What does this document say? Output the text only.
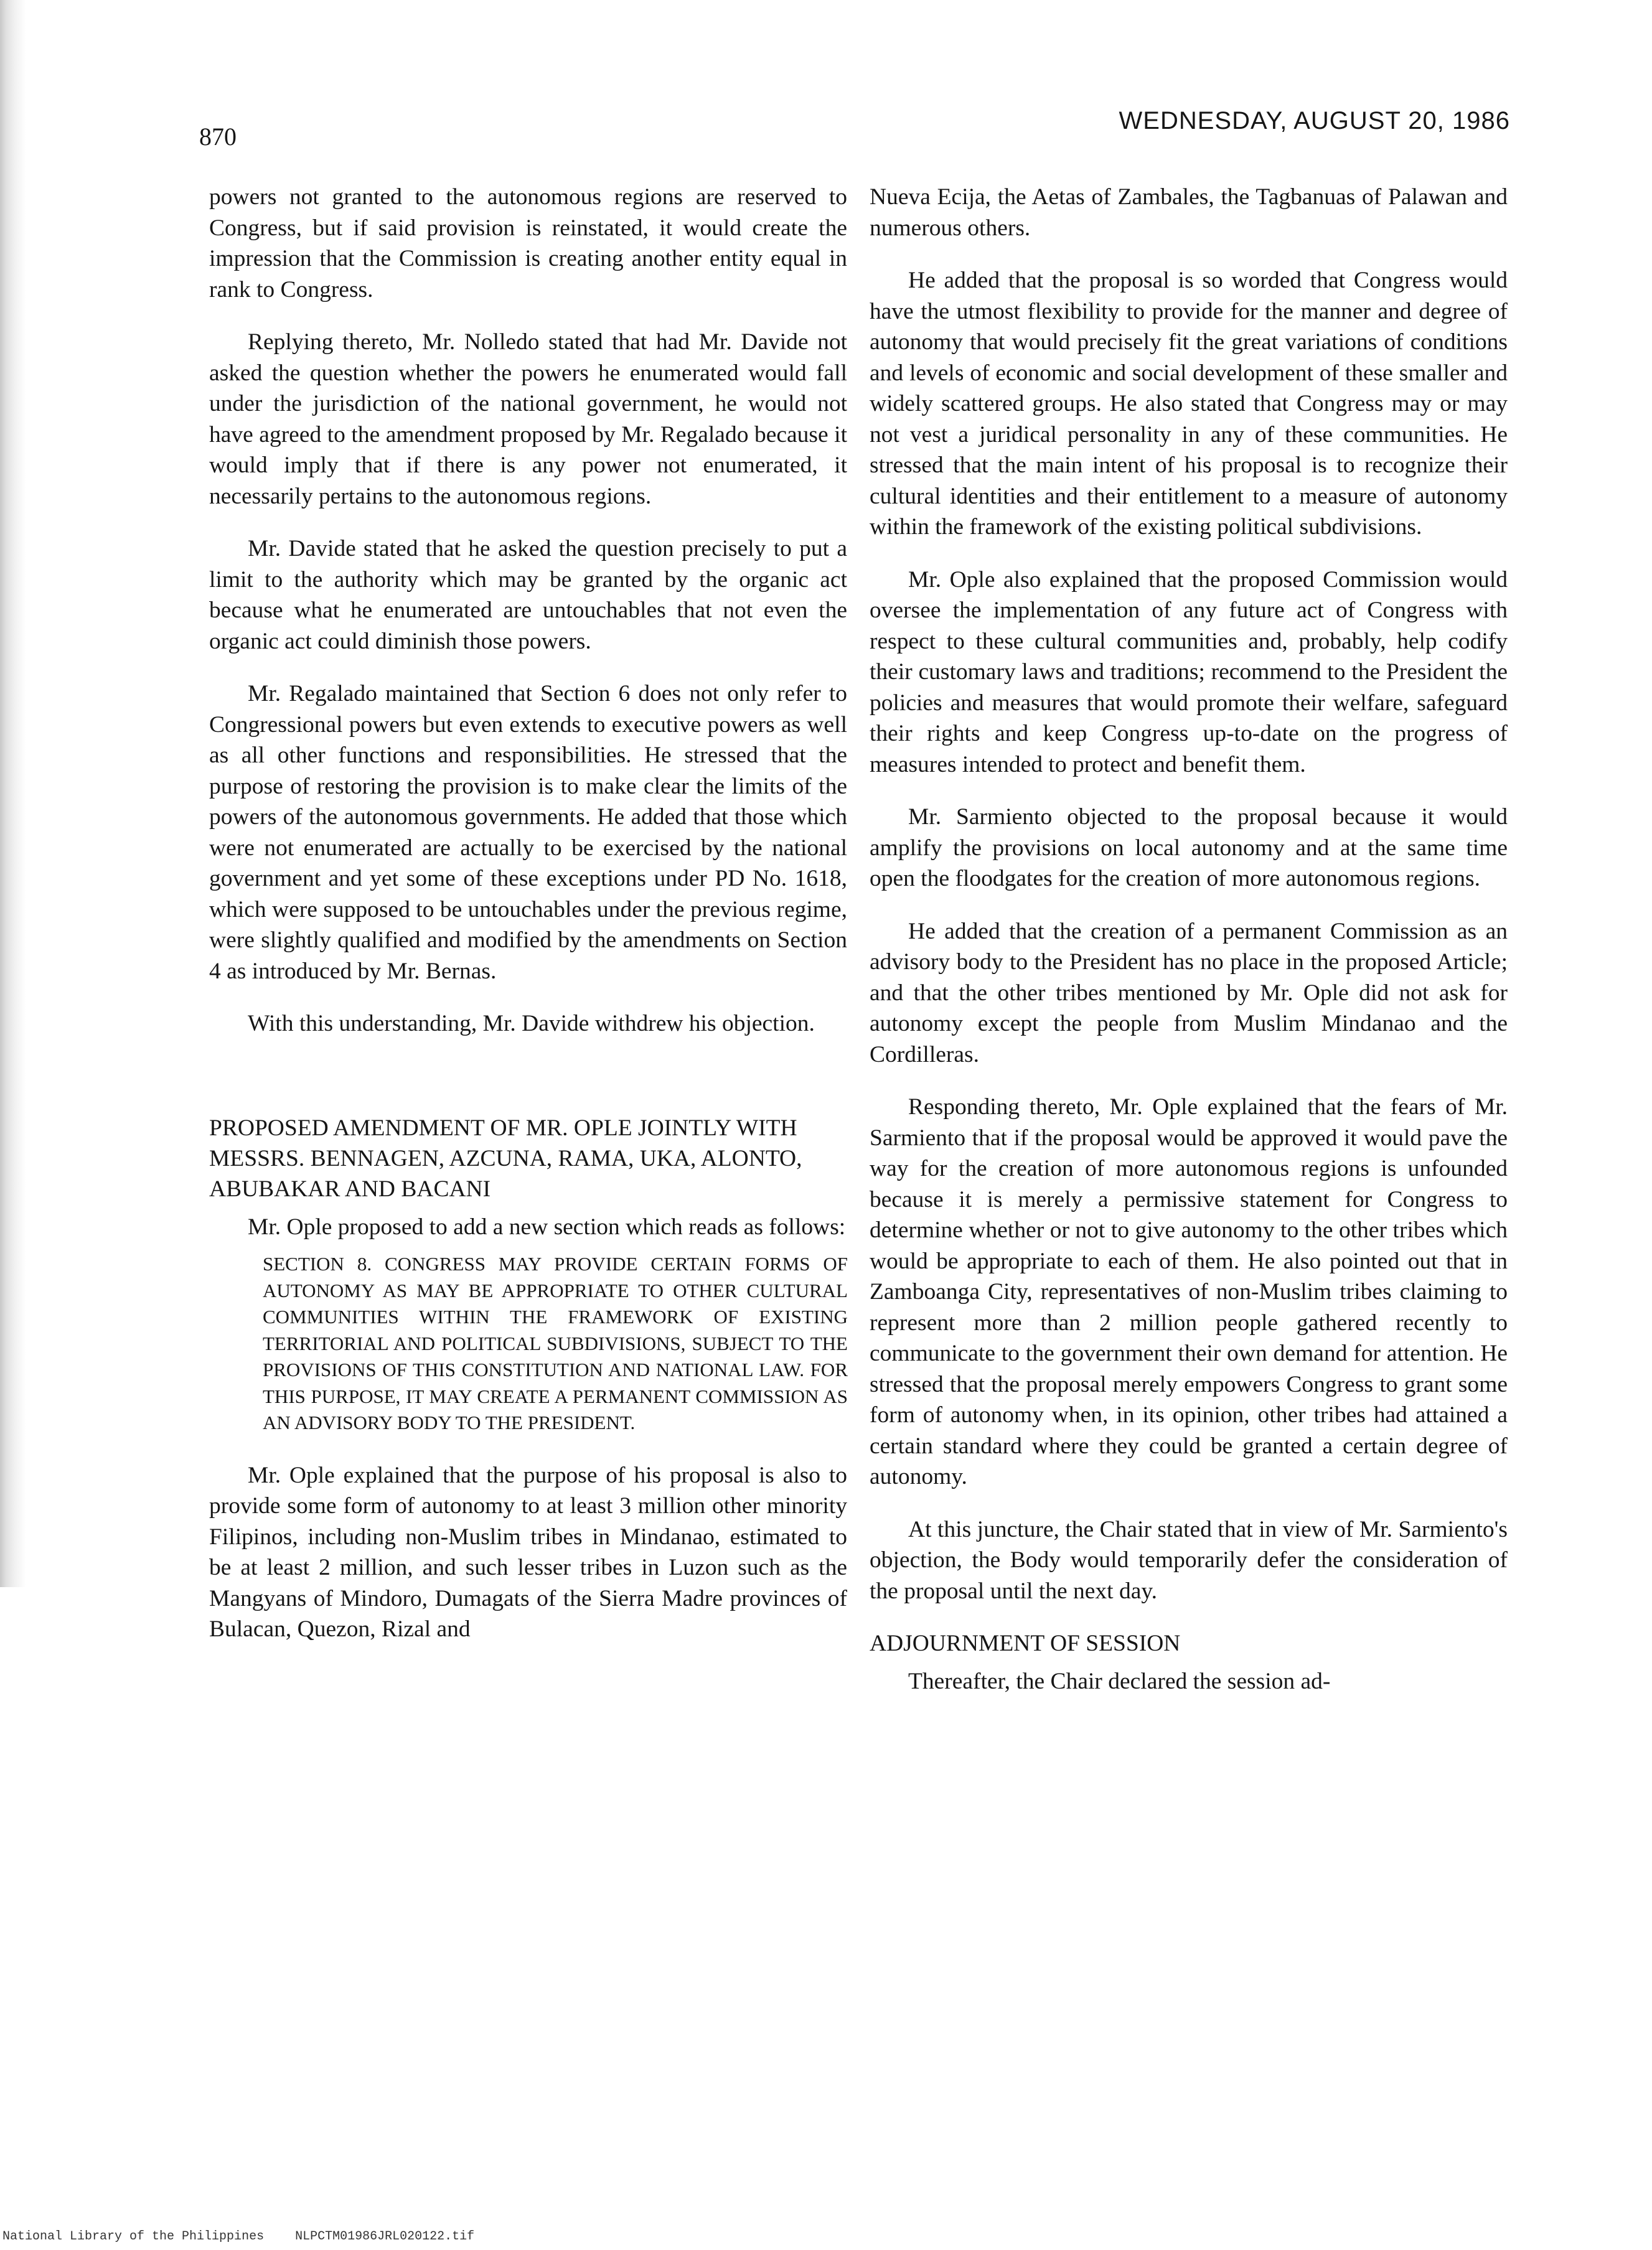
870
WEDNESDAY, AUGUST 20, 1986

powers not granted to the autonomous regions are reserved to Congress, but if said provision is reinstated, it would create the impression that the Commission is creating another entity equal in rank to Congress.

Replying thereto, Mr. Nolledo stated that had Mr. Davide not asked the question whether the powers he enumerated would fall under the jurisdiction of the national government, he would not have agreed to the amendment proposed by Mr. Regalado because it would imply that if there is any power not enumerated, it necessarily pertains to the autonomous regions.

Mr. Davide stated that he asked the question precisely to put a limit to the authority which may be granted by the organic act because what he enumerated are untouchables that not even the organic act could diminish those powers.

Mr. Regalado maintained that Section 6 does not only refer to Congressional powers but even extends to executive powers as well as all other functions and responsibilities. He stressed that the purpose of restoring the provision is to make clear the limits of the powers of the autonomous governments. He added that those which were not enumerated are actually to be exercised by the national government and yet some of these exceptions under PD No. 1618, which were supposed to be untouchables under the previous regime, were slightly qualified and modified by the amendments on Section 4 as introduced by Mr. Bernas.

With this understanding, Mr. Davide withdrew his objection.

PROPOSED AMENDMENT OF MR. OPLE JOINTLY WITH MESSRS. BENNAGEN, AZCUNA, RAMA, UKA, ALONTO, ABUBAKAR AND BACANI

Mr. Ople proposed to add a new section which reads as follows:

SECTION 8. CONGRESS MAY PROVIDE CERTAIN FORMS OF AUTONOMY AS MAY BE APPROPRIATE TO OTHER CULTURAL COMMUNITIES WITHIN THE FRAMEWORK OF EXISTING TERRITORIAL AND POLITICAL SUBDIVISIONS, SUBJECT TO THE PROVISIONS OF THIS CONSTITUTION AND NATIONAL LAW. FOR THIS PURPOSE, IT MAY CREATE A PERMANENT COMMISSION AS AN ADVISORY BODY TO THE PRESIDENT.

Mr. Ople explained that the purpose of his proposal is also to provide some form of autonomy to at least 3 million other minority Filipinos, including non-Muslim tribes in Mindanao, estimated to be at least 2 million, and such lesser tribes in Luzon such as the Mangyans of Mindoro, Dumagats of the Sierra Madre provinces of Bulacan, Quezon, Rizal and

Nueva Ecija, the Aetas of Zambales, the Tagbanuas of Palawan and numerous others.

He added that the proposal is so worded that Congress would have the utmost flexibility to provide for the manner and degree of autonomy that would precisely fit the great variations of conditions and levels of economic and social development of these smaller and widely scattered groups. He also stated that Congress may or may not vest a juridical personality in any of these communities. He stressed that the main intent of his proposal is to recognize their cultural identities and their entitlement to a measure of autonomy within the framework of the existing political subdivisions.

Mr. Ople also explained that the proposed Commission would oversee the implementation of any future act of Congress with respect to these cultural communities and, probably, help codify their customary laws and traditions; recommend to the President the policies and measures that would promote their welfare, safeguard their rights and keep Congress up-to-date on the progress of measures intended to protect and benefit them.

Mr. Sarmiento objected to the proposal because it would amplify the provisions on local autonomy and at the same time open the floodgates for the creation of more autonomous regions.

He added that the creation of a permanent Commission as an advisory body to the President has no place in the proposed Article; and that the other tribes mentioned by Mr. Ople did not ask for autonomy except the people from Muslim Mindanao and the Cordilleras.

Responding thereto, Mr. Ople explained that the fears of Mr. Sarmiento that if the proposal would be approved it would pave the way for the creation of more autonomous regions is unfounded because it is merely a permissive statement for Congress to determine whether or not to give autonomy to the other tribes which would be appropriate to each of them. He also pointed out that in Zamboanga City, representatives of non-Muslim tribes claiming to represent more than 2 million people gathered recently to communicate to the government their own demand for attention. He stressed that the proposal merely empowers Congress to grant some form of autonomy when, in its opinion, other tribes had attained a certain standard where they could be granted a certain degree of autonomy.

At this juncture, the Chair stated that in view of Mr. Sarmiento's objection, the Body would temporarily defer the consideration of the proposal until the next day.

ADJOURNMENT OF SESSION

Thereafter, the Chair declared the session ad-

National Library of the Philippines	NLPCTM01986JRL020122.tif
